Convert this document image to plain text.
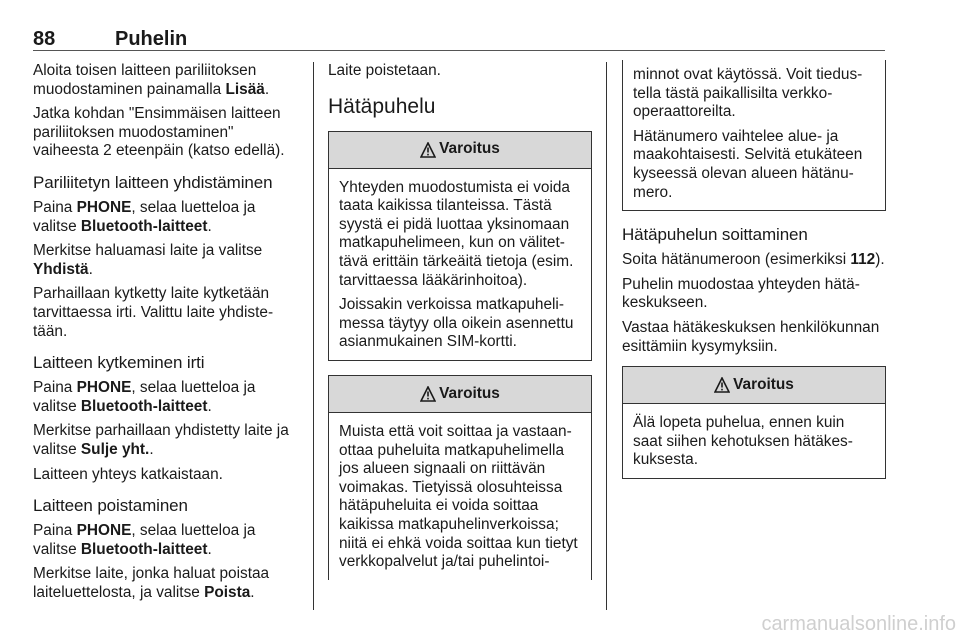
88	Puhelin

Aloita toisen laitteen pariliitoksen muodostaminen painamalla Lisää.

Jatka kohdan "Ensimmäisen laitteen pariliitoksen muodostaminen" vaiheesta 2 eteenpäin (katso edellä).

Pariliitetyn laitteen yhdistäminen

Paina PHONE, selaa luetteloa ja valitse Bluetooth-laitteet.

Merkitse haluamasi laite ja valitse Yhdistä.

Parhaillaan kytketty laite kytketään tarvittaessa irti. Valittu laite yhdistetään.

Laitteen kytkeminen irti

Paina PHONE, selaa luetteloa ja valitse Bluetooth-laitteet.

Merkitse parhaillaan yhdistetty laite ja valitse Sulje yht..

Laitteen yhteys katkaistaan.

Laitteen poistaminen

Paina PHONE, selaa luetteloa ja valitse Bluetooth-laitteet.

Merkitse laite, jonka haluat poistaa laiteluettelosta, ja valitse Poista.

Laite poistetaan.

Hätäpuhelu
Varoitus

Yhteyden muodostumista ei voida taata kaikissa tilanteissa. Tästä syystä ei pidä luottaa yksinomaan matkapuhelimeen, kun on välitettävä erittäin tärkeäitä tietoja (esim. tarvittaessa lääkärinhoitoa).

Joissakin verkoissa matkapuhelimessa täytyy olla oikein asennettu asianmukainen SIM-kortti.

Varoitus

Muista että voit soittaa ja vastaanottaa puheluita matkapuhelimella jos alueen signaali on riittävän voimakas. Tietyissä olosuhteissa hätäpuheluita ei voida soittaa kaikissa matkapuhelinverkoissa; niitä ei ehkä voida soittaa kun tietyt verkkopalvelut ja/tai puhelintoi-

minnot ovat käytössä. Voit tiedustella tästä paikallisilta verkkooperaattoreilta.

Hätänumero vaihtelee alue- ja maakohtaisesti. Selvitä etukäteen kyseessä olevan alueen hätänumero.

Hätäpuhelun soittaminen

Soita hätänumeroon (esimerkiksi 112).

Puhelin muodostaa yhteyden hätäkeskukseen.

Vastaa hätäkeskuksen henkilökunnan esittämiin kysymyksiin.

Varoitus

Älä lopeta puhelua, ennen kuin saat siihen kehotuksen hätäkeskuksesta.

carmanualsonline.info
